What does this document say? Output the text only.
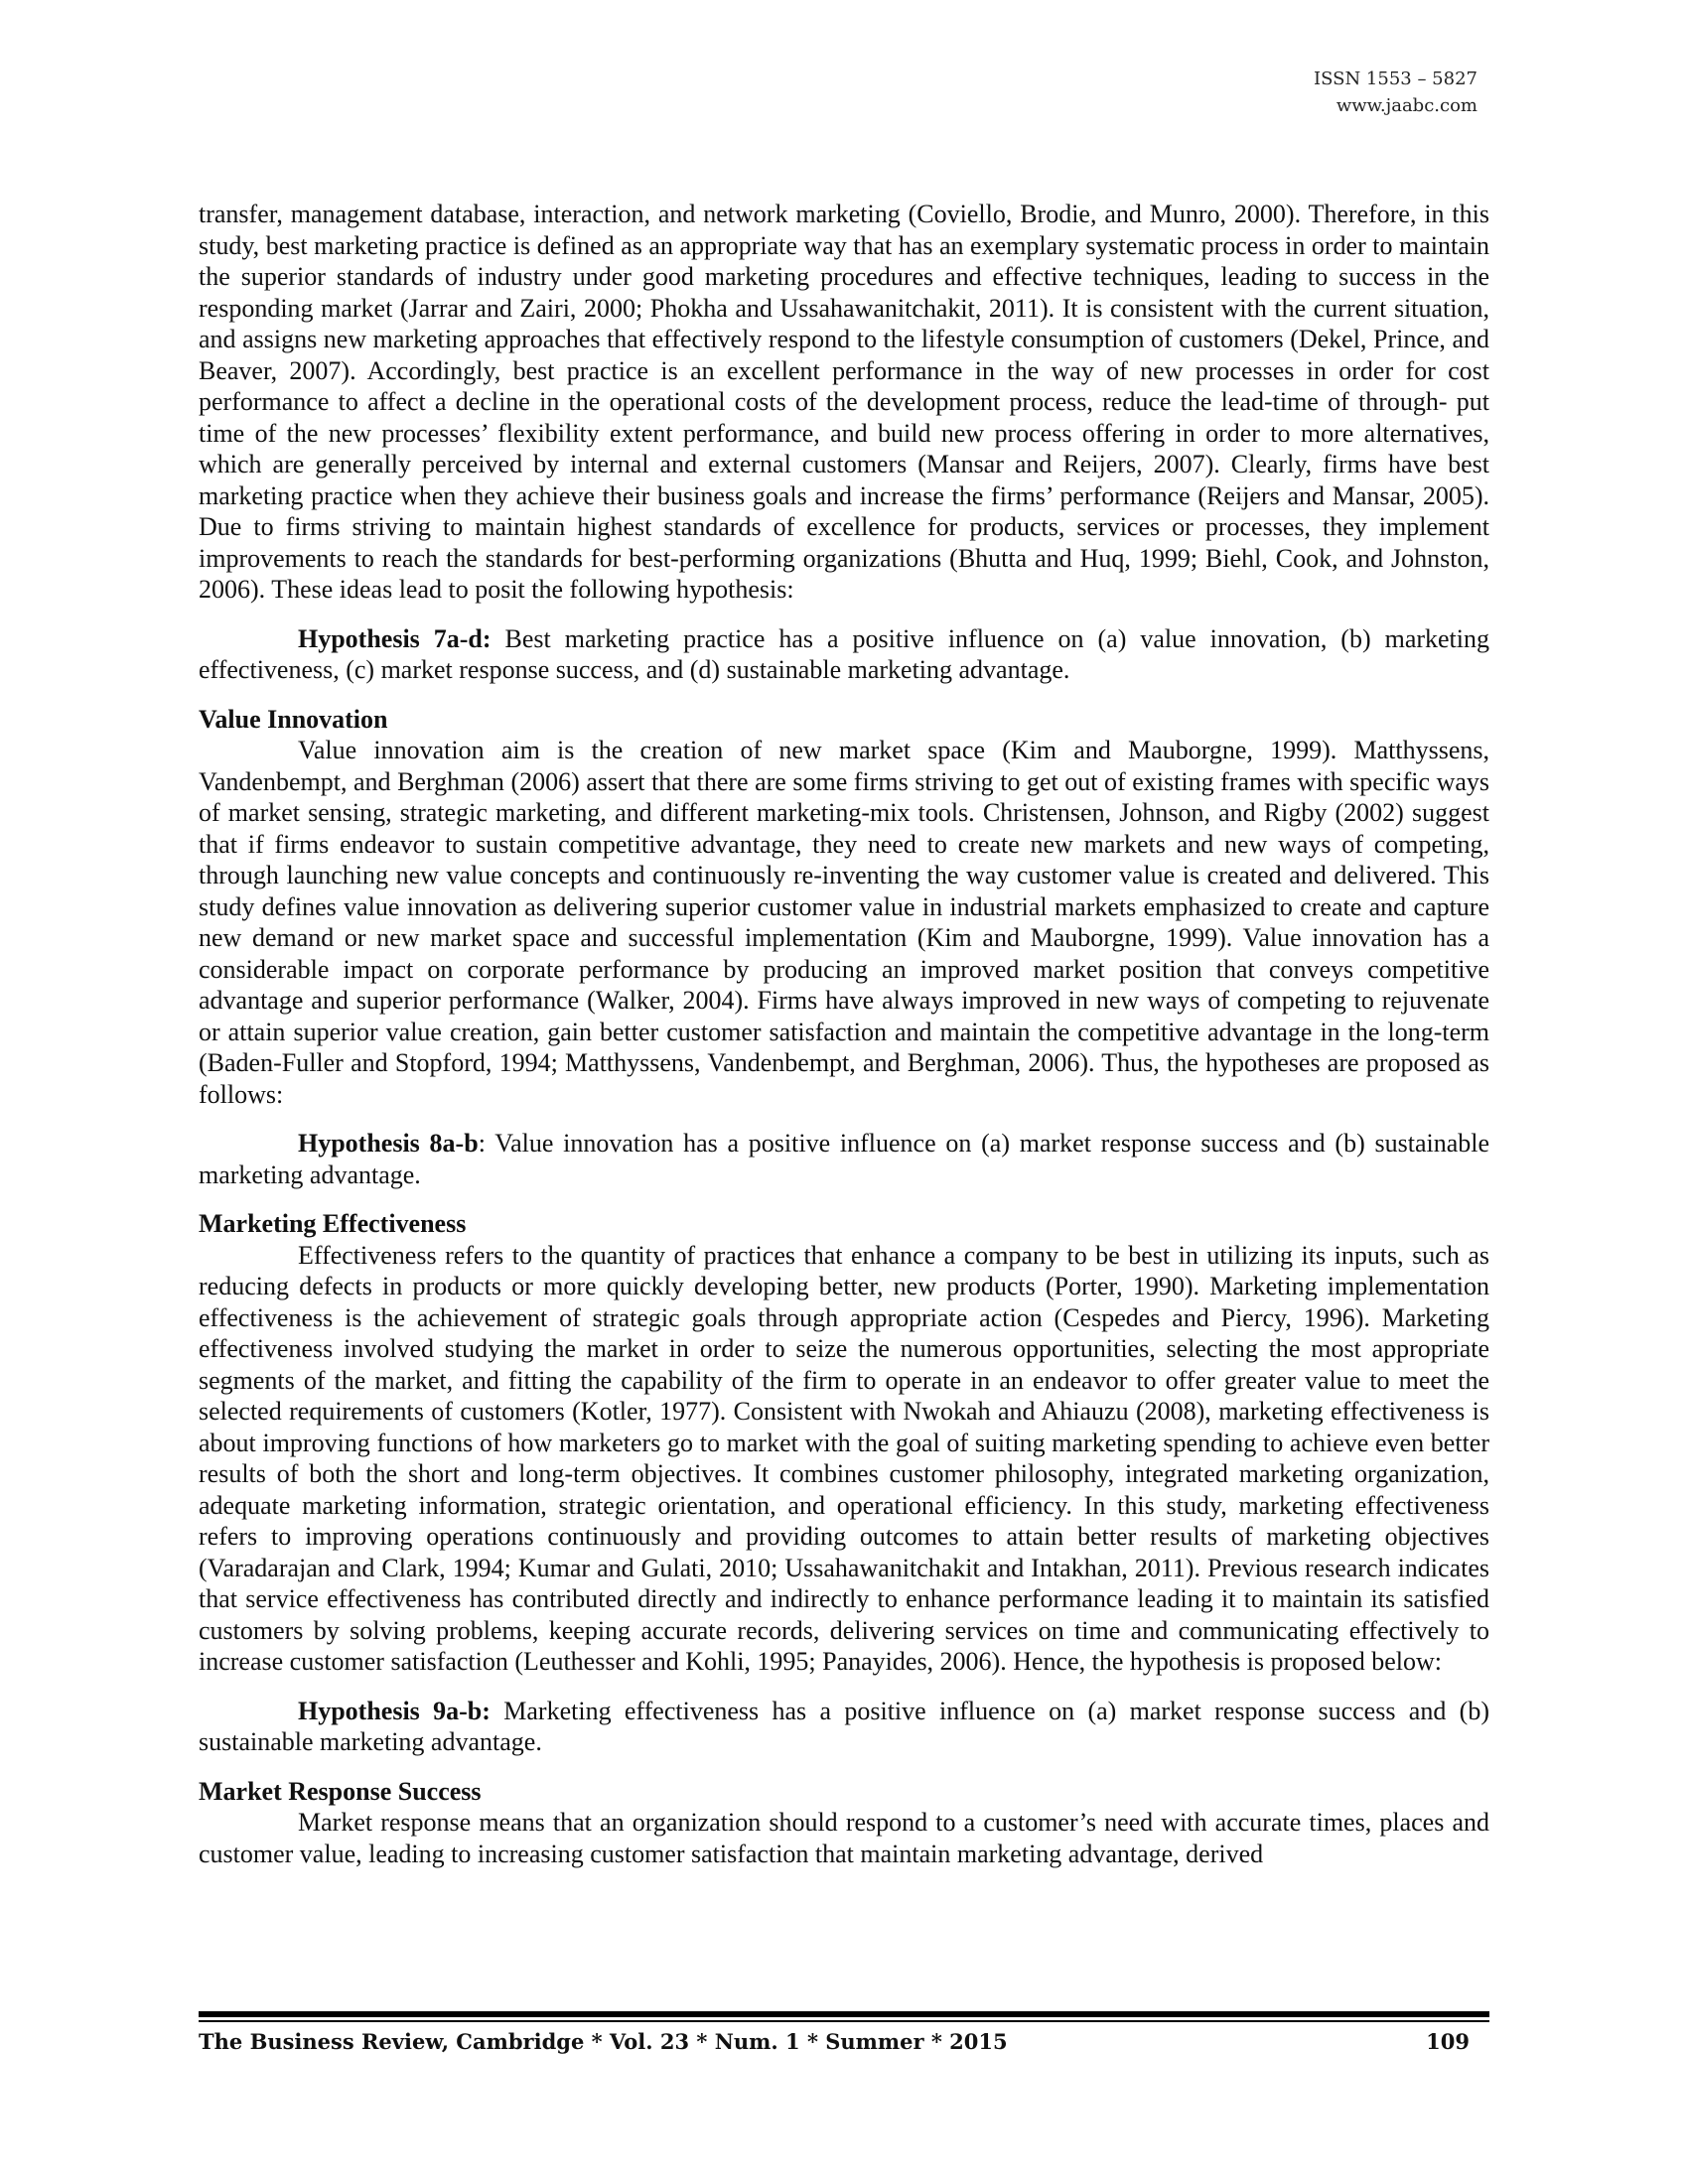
ISSN 1553 – 5827
www.jaabc.com

transfer, management database, interaction, and network marketing (Coviello, Brodie, and Munro, 2000). Therefore, in this study, best marketing practice is defined as an appropriate way that has an exemplary systematic process in order to maintain the superior standards of industry under good marketing procedures and effective techniques, leading to success in the responding market (Jarrar and Zairi, 2000; Phokha and Ussahawanitchakit, 2011). It is consistent with the current situation, and assigns new marketing approaches that effectively respond to the lifestyle consumption of customers (Dekel, Prince, and Beaver, 2007). Accordingly, best practice is an excellent performance in the way of new processes in order for cost performance to affect a decline in the operational costs of the development process, reduce the lead-time of through- put time of the new processes’ flexibility extent performance, and build new process offering in order to more alternatives, which are generally perceived by internal and external customers (Mansar and Reijers, 2007). Clearly, firms have best marketing practice when they achieve their business goals and increase the firms’ performance (Reijers and Mansar, 2005). Due to firms striving to maintain highest standards of excellence for products, services or processes, they implement improvements to reach the standards for best-performing organizations (Bhutta and Huq, 1999; Biehl, Cook, and Johnston, 2006). These ideas lead to posit the following hypothesis:

Hypothesis 7a-d: Best marketing practice has a positive influence on (a) value innovation, (b) marketing effectiveness, (c) market response success, and (d) sustainable marketing advantage.

Value Innovation

Value innovation aim is the creation of new market space (Kim and Mauborgne, 1999). Matthyssens, Vandenbempt, and Berghman (2006) assert that there are some firms striving to get out of existing frames with specific ways of market sensing, strategic marketing, and different marketing-mix tools. Christensen, Johnson, and Rigby (2002) suggest that if firms endeavor to sustain competitive advantage, they need to create new markets and new ways of competing, through launching new value concepts and continuously re-inventing the way customer value is created and delivered. This study defines value innovation as delivering superior customer value in industrial markets emphasized to create and capture new demand or new market space and successful implementation (Kim and Mauborgne, 1999). Value innovation has a considerable impact on corporate performance by producing an improved market position that conveys competitive advantage and superior performance (Walker, 2004). Firms have always improved in new ways of competing to rejuvenate or attain superior value creation, gain better customer satisfaction and maintain the competitive advantage in the long-term (Baden-Fuller and Stopford, 1994; Matthyssens, Vandenbempt, and Berghman, 2006). Thus, the hypotheses are proposed as follows:

Hypothesis 8a-b: Value innovation has a positive influence on (a) market response success and (b) sustainable marketing advantage.

Marketing Effectiveness

Effectiveness refers to the quantity of practices that enhance a company to be best in utilizing its inputs, such as reducing defects in products or more quickly developing better, new products (Porter, 1990). Marketing implementation effectiveness is the achievement of strategic goals through appropriate action (Cespedes and Piercy, 1996). Marketing effectiveness involved studying the market in order to seize the numerous opportunities, selecting the most appropriate segments of the market, and fitting the capability of the firm to operate in an endeavor to offer greater value to meet the selected requirements of customers (Kotler, 1977). Consistent with Nwokah and Ahiauzu (2008), marketing effectiveness is about improving functions of how marketers go to market with the goal of suiting marketing spending to achieve even better results of both the short and long-term objectives. It combines customer philosophy, integrated marketing organization, adequate marketing information, strategic orientation, and operational efficiency. In this study, marketing effectiveness refers to improving operations continuously and providing outcomes to attain better results of marketing objectives (Varadarajan and Clark, 1994; Kumar and Gulati, 2010; Ussahawanitchakit and Intakhan, 2011). Previous research indicates that service effectiveness has contributed directly and indirectly to enhance performance leading it to maintain its satisfied customers by solving problems, keeping accurate records, delivering services on time and communicating effectively to increase customer satisfaction (Leuthesser and Kohli, 1995; Panayides, 2006). Hence, the hypothesis is proposed below:

Hypothesis 9a-b: Marketing effectiveness has a positive influence on (a) market response success and (b) sustainable marketing advantage.

Market Response Success

Market response means that an organization should respond to a customer’s need with accurate times, places and customer value, leading to increasing customer satisfaction that maintain marketing advantage, derived

The Business Review, Cambridge * Vol. 23 * Num. 1 * Summer * 2015	109
